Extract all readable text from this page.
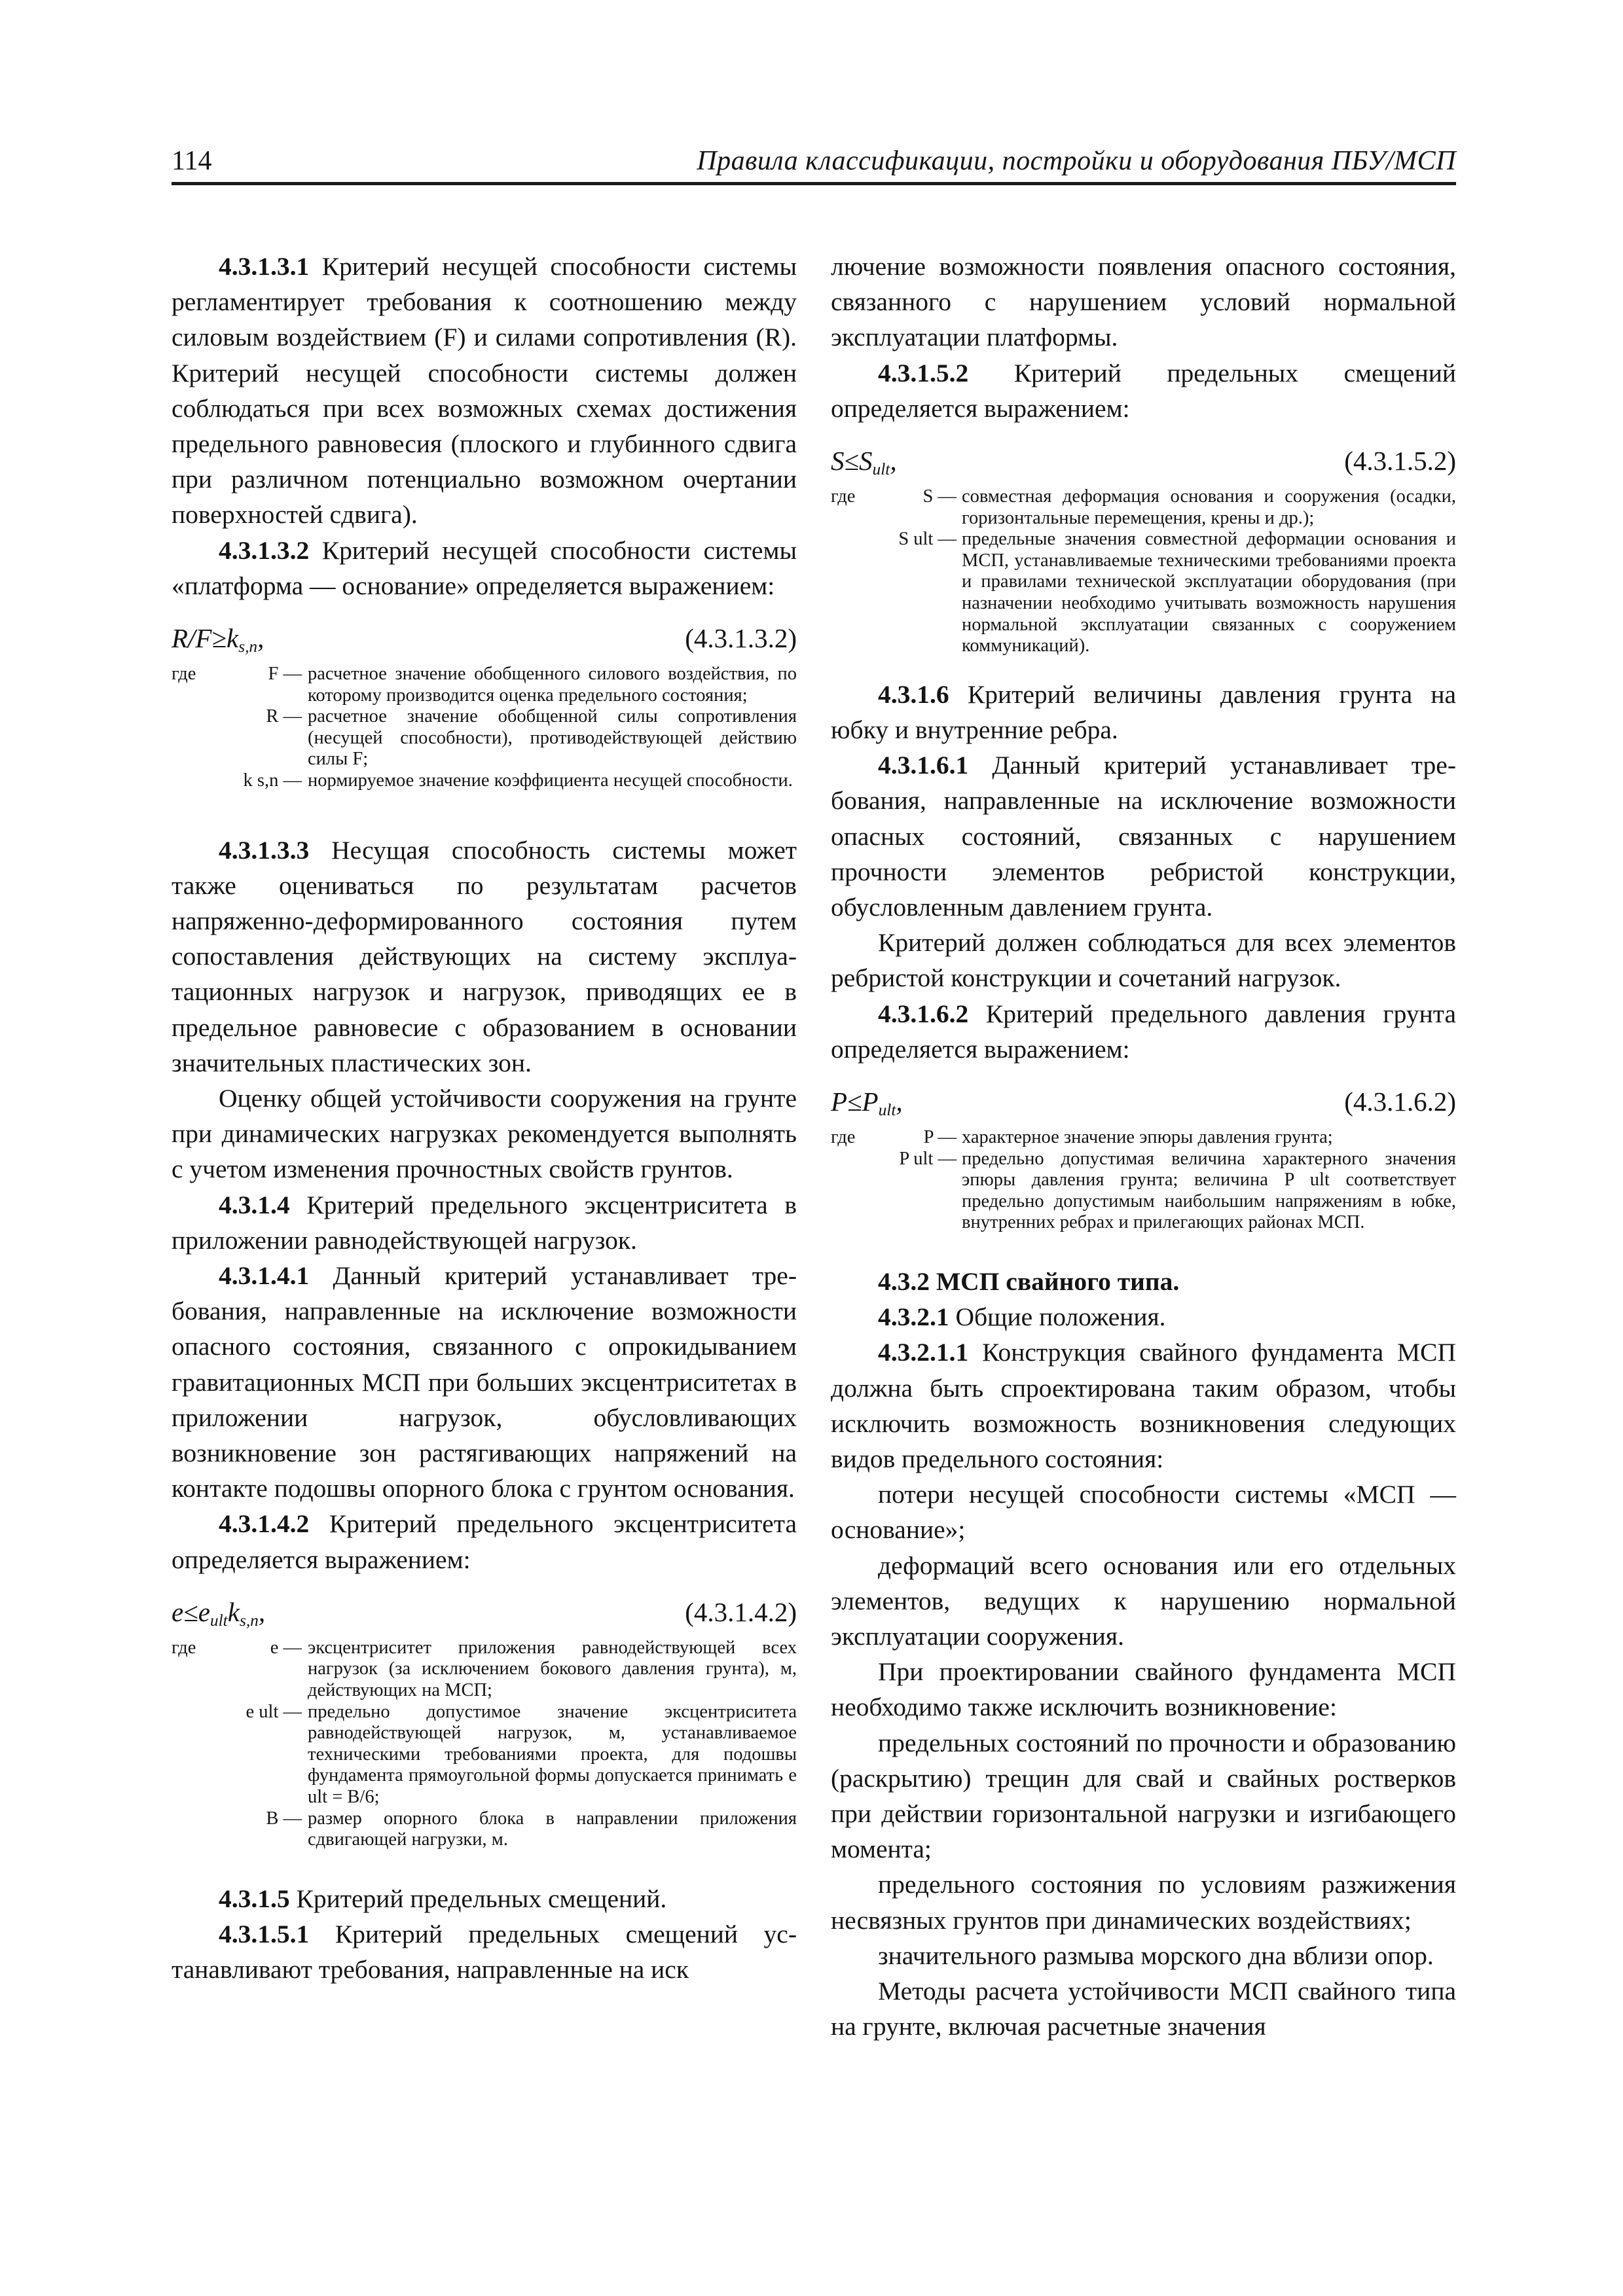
114	Правила классификации, постройки и оборудования ПБУ/МСП

4.3.1.3.1 Критерий несущей способности системы регламентирует требования к соотношению между силовым воздействием (F) и силами сопротивления (R). Критерий несущей способности системы должен соблюдаться при всех возможных схемах достижения предельного равновесия (плоского и глубинного сдвига при различном потенциально возможном очертании поверхностей сдвига).

4.3.1.3.2 Критерий несущей способности системы «платформа — основание» определяется выражением:

$R/F\ge k_{s,n}$,	(4.3.1.3.2)
где	F — расчетное значение обобщенного силового воздействия, по которому производится оценка предельного состояния;
R — расчетное значение обобщенной силы сопротивления (несущей способности), противодействующей действию силы F;
k s,n — нормируемое значение коэффициента несущей способности.

4.3.1.3.3 Несущая способность системы может также оцениваться по результатам расчетов напряженно-деформированного состояния путем сопоставления действующих на систему эксплуатационных нагрузок и нагрузок, приводящих ее в предельное равновесие с образованием в основании значительных пластических зон.

Оценку общей устойчивости сооружения на грунте при динамических нагрузках рекомендуется выполнять с учетом изменения прочностных свойств грунтов.

4.3.1.4 Критерий предельного эксцентриситета в приложении равнодействующей нагрузок.

4.3.1.4.1 Данный критерий устанавливает требования, направленные на исключение возможности опасного состояния, связанного с опрокидыванием гравитационных МСП при больших эксцентриситетах в приложении нагрузок, обусловливающих возникновение зон растягивающих напряжений на контакте подошвы опорного блока с грунтом основания.

4.3.1.4.2 Критерий предельного эксцентриситета определяется выражением:

$e\le e_{ult}k_{s,n}$,	(4.3.1.4.2)
где	e — эксцентриситет приложения равнодействующей всех нагрузок (за исключением бокового давления грунта), м, действующих на МСП;
e ult — предельно допустимое значение эксцентриситета равнодействующей нагрузок, м, устанавливаемое техническими требованиями проекта, для подошвы фундамента прямоугольной формы допускается принимать e ult = B/6;
B — размер опорного блока в направлении приложения сдвигающей нагрузки, м.

4.3.1.5 Критерий предельных смещений.

4.3.1.5.1 Критерий предельных смещений устанавливают требования, направленные на иск

лючение возможности появления опасного состояния, связанного с нарушением условий нормальной эксплуатации платформы.

4.3.1.5.2 Критерий предельных смещений определяется выражением:

$S\le S_{ult}$,	(4.3.1.5.2)
где	S — совместная деформация основания и сооружения (осадки, горизонтальные перемещения, крены и др.);
S ult — предельные значения совместной деформации основания и МСП, устанавливаемые техническими требованиями проекта и правилами технической эксплуатации оборудования (при назначении необходимо учитывать возможность нарушения нормальной эксплуатации связанных с сооружением коммуникаций).

4.3.1.6 Критерий величины давления грунта на юбку и внутренние ребра.

4.3.1.6.1 Данный критерий устанавливает требования, направленные на исключение возможности опасных состояний, связанных с нарушением прочности элементов ребристой конструкции, обусловленным давлением грунта.

Критерий должен соблюдаться для всех элементов ребристой конструкции и сочетаний нагрузок.

4.3.1.6.2 Критерий предельного давления грунта определяется выражением:

$P\le P_{ult}$,	(4.3.1.6.2)
где	P — характерное значение эпюры давления грунта;
P ult — предельно допустимая величина характерного значения эпюры давления грунта; величина P ult соответствует предельно допустимым наибольшим напряжениям в юбке, внутренних ребрах и прилегающих районах МСП.

4.3.2 МСП свайного типа.

4.3.2.1 Общие положения.

4.3.2.1.1 Конструкция свайного фундамента МСП должна быть спроектирована таким образом, чтобы исключить возможность возникновения следующих видов предельного состояния:

потери несущей способности системы «МСП — основание»;

деформаций всего основания или его отдельных элементов, ведущих к нарушению нормальной эксплуатации сооружения.

При проектировании свайного фундамента МСП необходимо также исключить возникновение:

предельных состояний по прочности и образованию (раскрытию) трещин для свай и свайных ростверков при действии горизонтальной нагрузки и изгибающего момента;

предельного состояния по условиям разжижения несвязных грунтов при динамических воздействиях;

значительного размыва морского дна вблизи опор.

Методы расчета устойчивости МСП свайного типа на грунте, включая расчетные значения
